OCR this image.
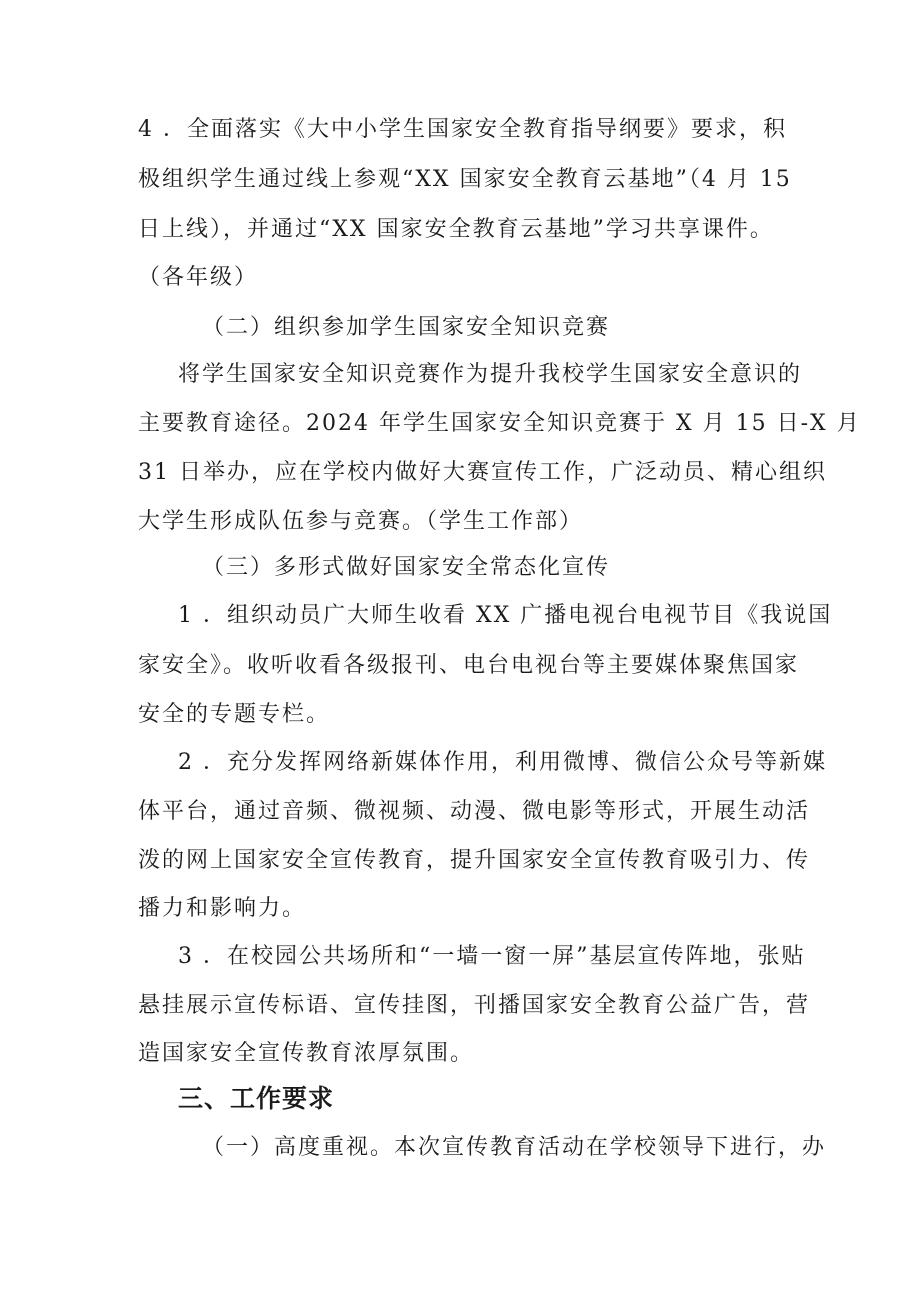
4 ．全面落实《大中小学生国家安全教育指导纲要》要求，积
极组织学生通过线上参观“XX 国家安全教育云基地”（4 月 15
日上线），并通过“XX 国家安全教育云基地”学习共享课件。
（各年级）
（二）组织参加学生国家安全知识竞赛
将学生国家安全知识竞赛作为提升我校学生国家安全意识的
主要教育途径。2024 年学生国家安全知识竞赛于 X 月 15 日-X 月
31 日举办，应在学校内做好大赛宣传工作，广泛动员、精心组织
大学生形成队伍参与竞赛。（学生工作部）
（三）多形式做好国家安全常态化宣传
1 ．组织动员广大师生收看 XX 广播电视台电视节目《我说国
家安全》。收听收看各级报刊、电台电视台等主要媒体聚焦国家
安全的专题专栏。
2 ．充分发挥网络新媒体作用，利用微博、微信公众号等新媒
体平台，通过音频、微视频、动漫、微电影等形式，开展生动活
泼的网上国家安全宣传教育，提升国家安全宣传教育吸引力、传
播力和影响力。
3 ．在校园公共场所和“一墙一窗一屏”基层宣传阵地，张贴
悬挂展示宣传标语、宣传挂图，刊播国家安全教育公益广告，营
造国家安全宣传教育浓厚氛围。
三、工作要求
（一）高度重视。本次宣传教育活动在学校领导下进行，办
